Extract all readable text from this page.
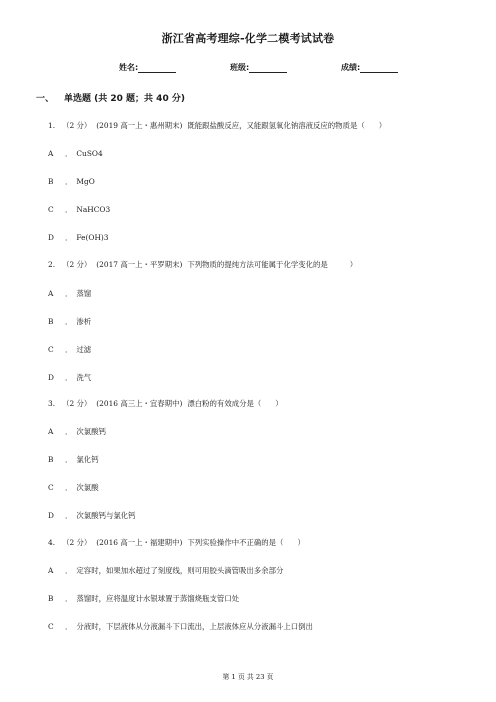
浙江省高考理综-化学二模考试试卷
姓名:	班级:	成绩:
一、 单选题 (共 20 题；共 40 分)
1. （2 分） (2019 高一上・惠州期末) 既能跟盐酸反应，又能跟氢氧化钠溶液反应的物质是（ ）
A ． CuSO4
B ． MgO
C ． NaHCO3
D ． Fe(OH)3
2. （2 分） (2017 高一上・平罗期末) 下列物质的提纯方法可能属于化学变化的是	）
A ． 蒸馏
B ． 渗析
C ． 过滤
D ． 洗气
3. （2 分） (2016 高三上・宜春期中) 漂白粉的有效成分是（ ）
A ． 次氯酸钙
B ． 氯化钙
C ． 次氯酸
D ． 次氯酸钙与氯化钙
4. （2 分） (2016 高一上・福建期中) 下列实验操作中不正确的是（ ）
A ． 定容时，如果加水超过了刻度线，则可用胶头滴管吸出多余部分
B ． 蒸馏时，应将温度计水银球置于蒸馏烧瓶支管口处
C ． 分液时，下层液体从分液漏斗下口流出，上层液体应从分液漏斗上口倒出
第 1 页 共 23 页
